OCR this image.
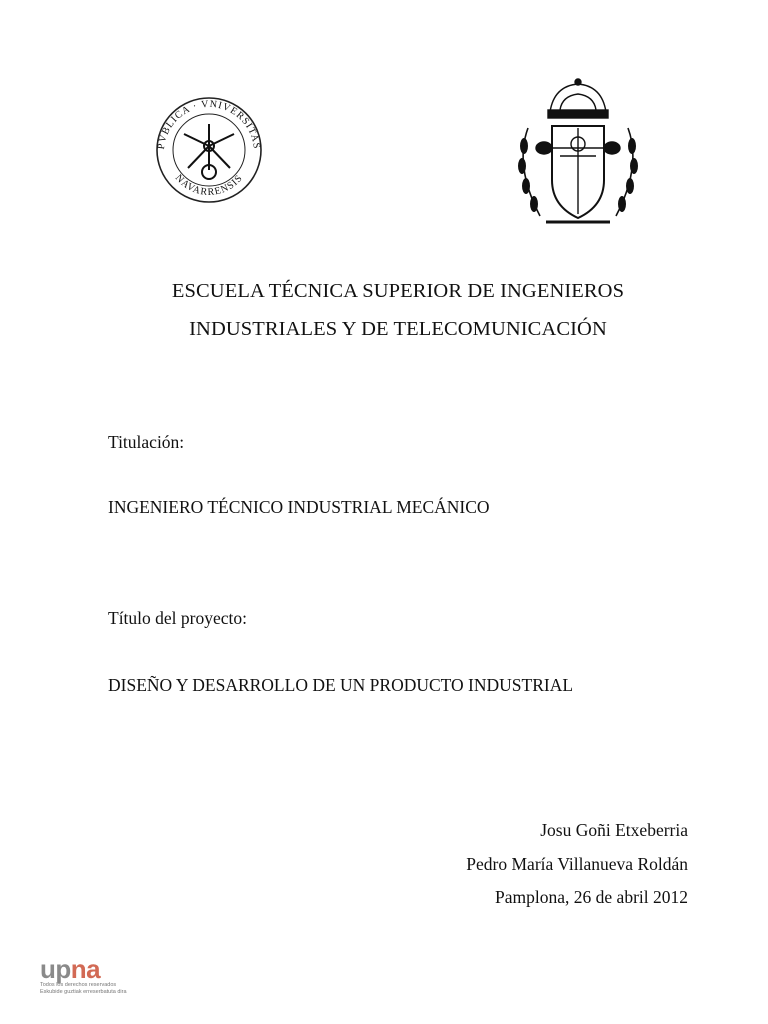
PVBLICA · VNIVERSITAS
NAVARRENSIS
ESCUELA TÉCNICA SUPERIOR DE INGENIEROS
INDUSTRIALES Y DE TELECOMUNICACIÓN
Titulación:
INGENIERO TÉCNICO INDUSTRIAL MECÁNICO
Título del proyecto:
DISEÑO Y DESARROLLO DE UN PRODUCTO INDUSTRIAL
Josu Goñi Etxeberria
Pedro María Villanueva Roldán
Pamplona, 26 de abril 2012
upna
Todos los derechos reservados
Eskubide guztiak erreserbatuta dira
